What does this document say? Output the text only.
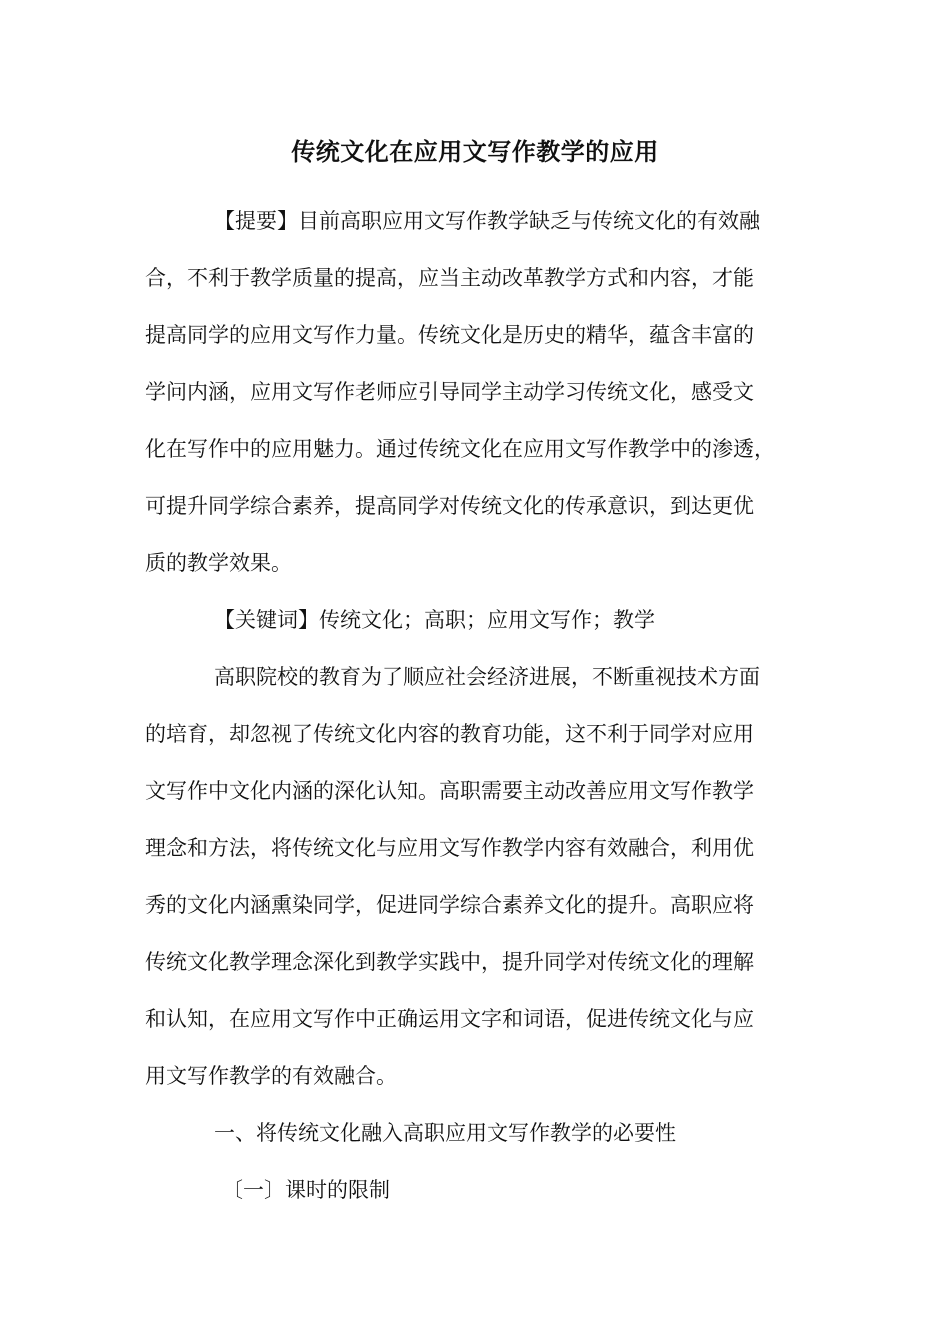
传统文化在应用文写作教学的应用
【提要】目前高职应用文写作教学缺乏与传统文化的有效融
合，不利于教学质量的提高，应当主动改革教学方式和内容，才能
提高同学的应用文写作力量。传统文化是历史的精华，蕴含丰富的
学问内涵，应用文写作老师应引导同学主动学习传统文化，感受文
化在写作中的应用魅力。通过传统文化在应用文写作教学中的渗透，
可提升同学综合素养，提高同学对传统文化的传承意识，到达更优
质的教学效果。
【关键词】传统文化；高职；应用文写作；教学
高职院校的教育为了顺应社会经济进展，不断重视技术方面
的培育，却忽视了传统文化内容的教育功能，这不利于同学对应用
文写作中文化内涵的深化认知。高职需要主动改善应用文写作教学
理念和方法，将传统文化与应用文写作教学内容有效融合，利用优
秀的文化内涵熏染同学，促进同学综合素养文化的提升。高职应将
传统文化教学理念深化到教学实践中，提升同学对传统文化的理解
和认知，在应用文写作中正确运用文字和词语，促进传统文化与应
用文写作教学的有效融合。
一、将传统文化融入高职应用文写作教学的必要性
〔一〕课时的限制
